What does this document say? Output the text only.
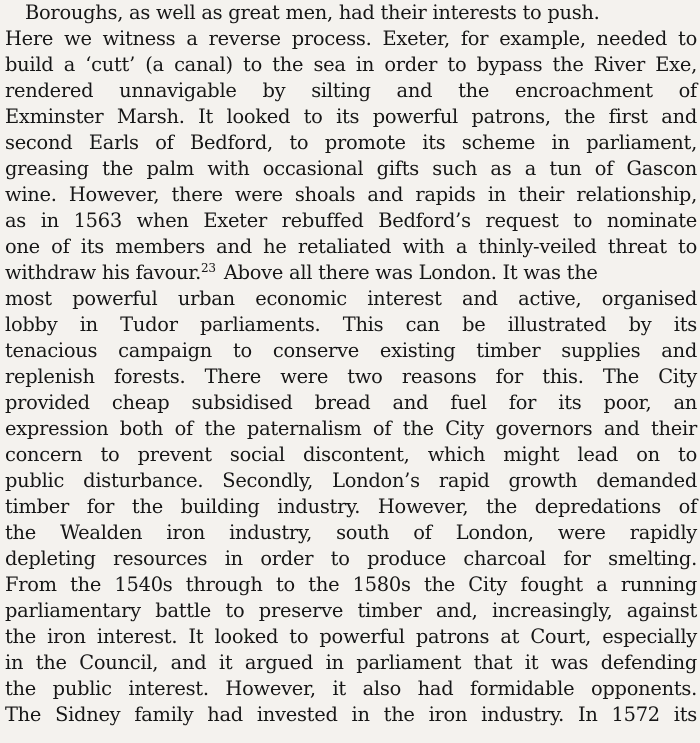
Boroughs, as well as great men, had their interests to push.
Here we witness a reverse process. Exeter, for example, needed to
build a ‘cutt’ (a canal) to the sea in order to bypass the River Exe,
rendered unnavigable by silting and the encroachment of
Exminster Marsh. It looked to its powerful patrons, the first and
second Earls of Bedford, to promote its scheme in parliament,
greasing the palm with occasional gifts such as a tun of Gascon
wine. However, there were shoals and rapids in their relationship,
as in 1563 when Exeter rebuffed Bedford’s request to nominate
one of its members and he retaliated with a thinly-veiled threat to
withdraw his favour.$^{23}$ Above all there was London. It was the
most powerful urban economic interest and active, organised
lobby in Tudor parliaments. This can be illustrated by its
tenacious campaign to conserve existing timber supplies and
replenish forests. There were two reasons for this. The City
provided cheap subsidised bread and fuel for its poor, an
expression both of the paternalism of the City governors and their
concern to prevent social discontent, which might lead on to
public disturbance. Secondly, London’s rapid growth demanded
timber for the building industry. However, the depredations of
the Wealden iron industry, south of London, were rapidly
depleting resources in order to produce charcoal for smelting.
From the 1540s through to the 1580s the City fought a running
parliamentary battle to preserve timber and, increasingly, against
the iron interest. It looked to powerful patrons at Court, especially
in the Council, and it argued in parliament that it was defending
the public interest. However, it also had formidable opponents.
The Sidney family had invested in the iron industry. In 1572 its
